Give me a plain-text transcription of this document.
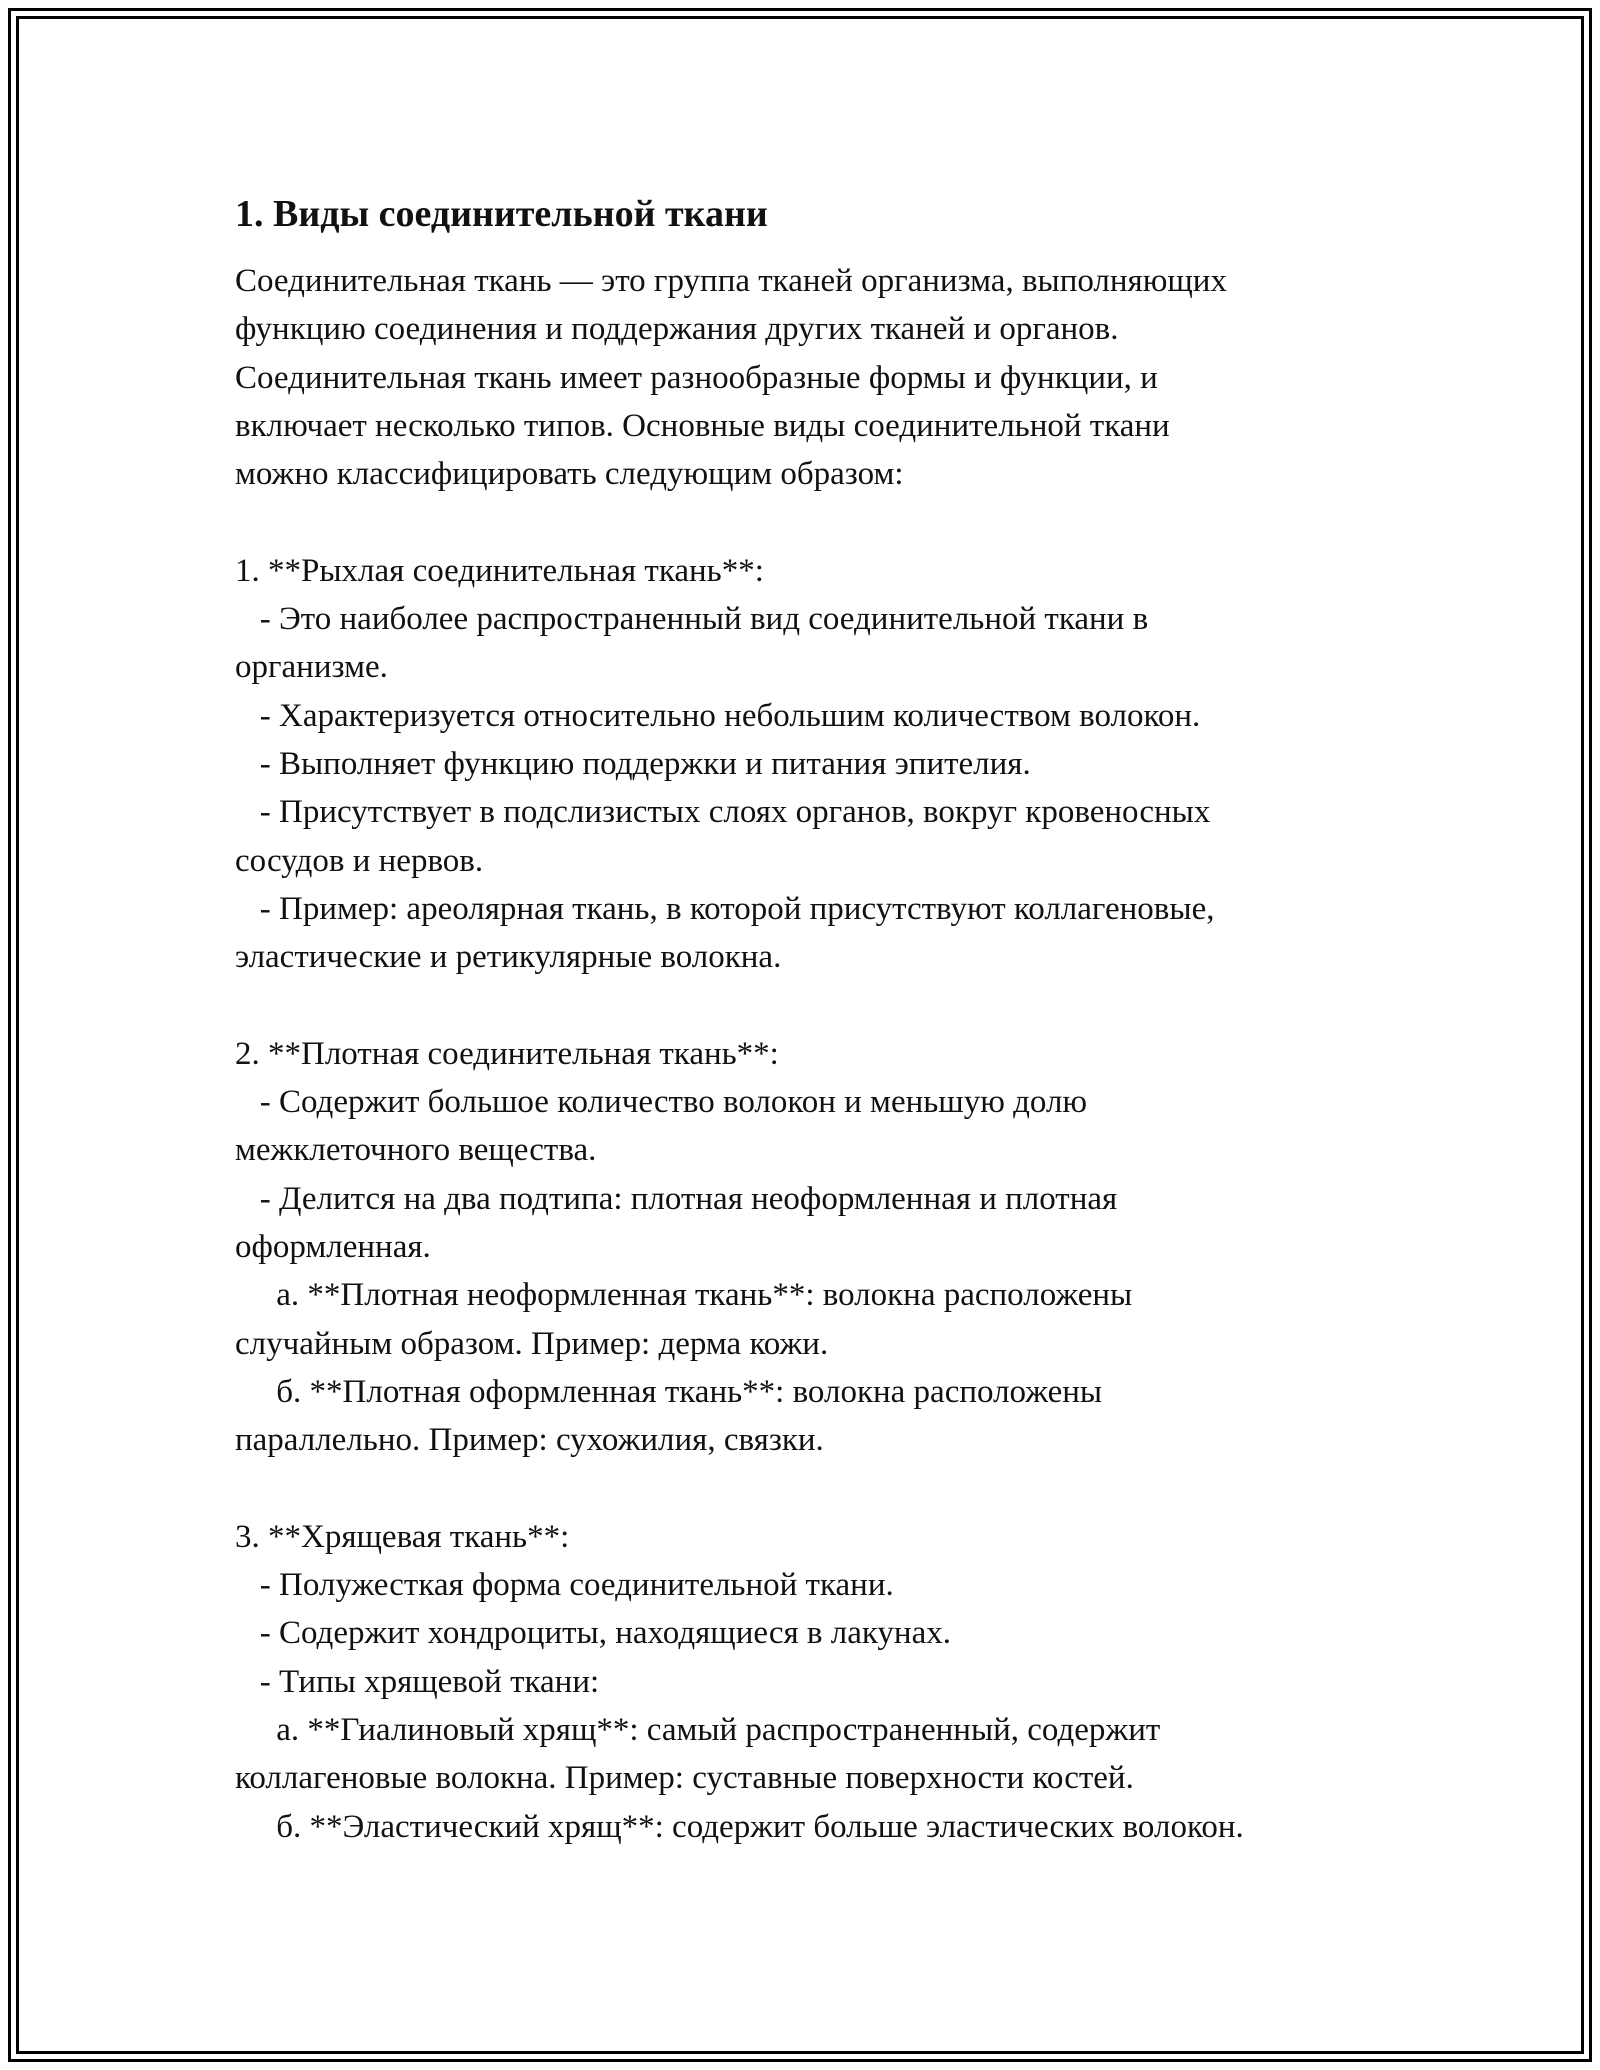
1. Виды соединительной ткани
Соединительная ткань — это группа тканей организма, выполняющих
функцию соединения и поддержания других тканей и органов.
Соединительная ткань имеет разнообразные формы и функции, и
включает несколько типов. Основные виды соединительной ткани
можно классифицировать следующим образом:
1. **Рыхлая соединительная ткань**:
- Это наиболее распространенный вид соединительной ткани в
организме.
- Характеризуется относительно небольшим количеством волокон.
- Выполняет функцию поддержки и питания эпителия.
- Присутствует в подслизистых слоях органов, вокруг кровеносных
сосудов и нервов.
- Пример: ареолярная ткань, в которой присутствуют коллагеновые,
эластические и ретикулярные волокна.
2. **Плотная соединительная ткань**:
- Содержит большое количество волокон и меньшую долю
межклеточного вещества.
- Делится на два подтипа: плотная неоформленная и плотная
оформленная.
а. **Плотная неоформленная ткань**: волокна расположены
случайным образом. Пример: дерма кожи.
б. **Плотная оформленная ткань**: волокна расположены
параллельно. Пример: сухожилия, связки.
3. **Хрящевая ткань**:
- Полужесткая форма соединительной ткани.
- Содержит хондроциты, находящиеся в лакунах.
- Типы хрящевой ткани:
а. **Гиалиновый хрящ**: самый распространенный, содержит
коллагеновые волокна. Пример: суставные поверхности костей.
б. **Эластический хрящ**: содержит больше эластических волокон.
